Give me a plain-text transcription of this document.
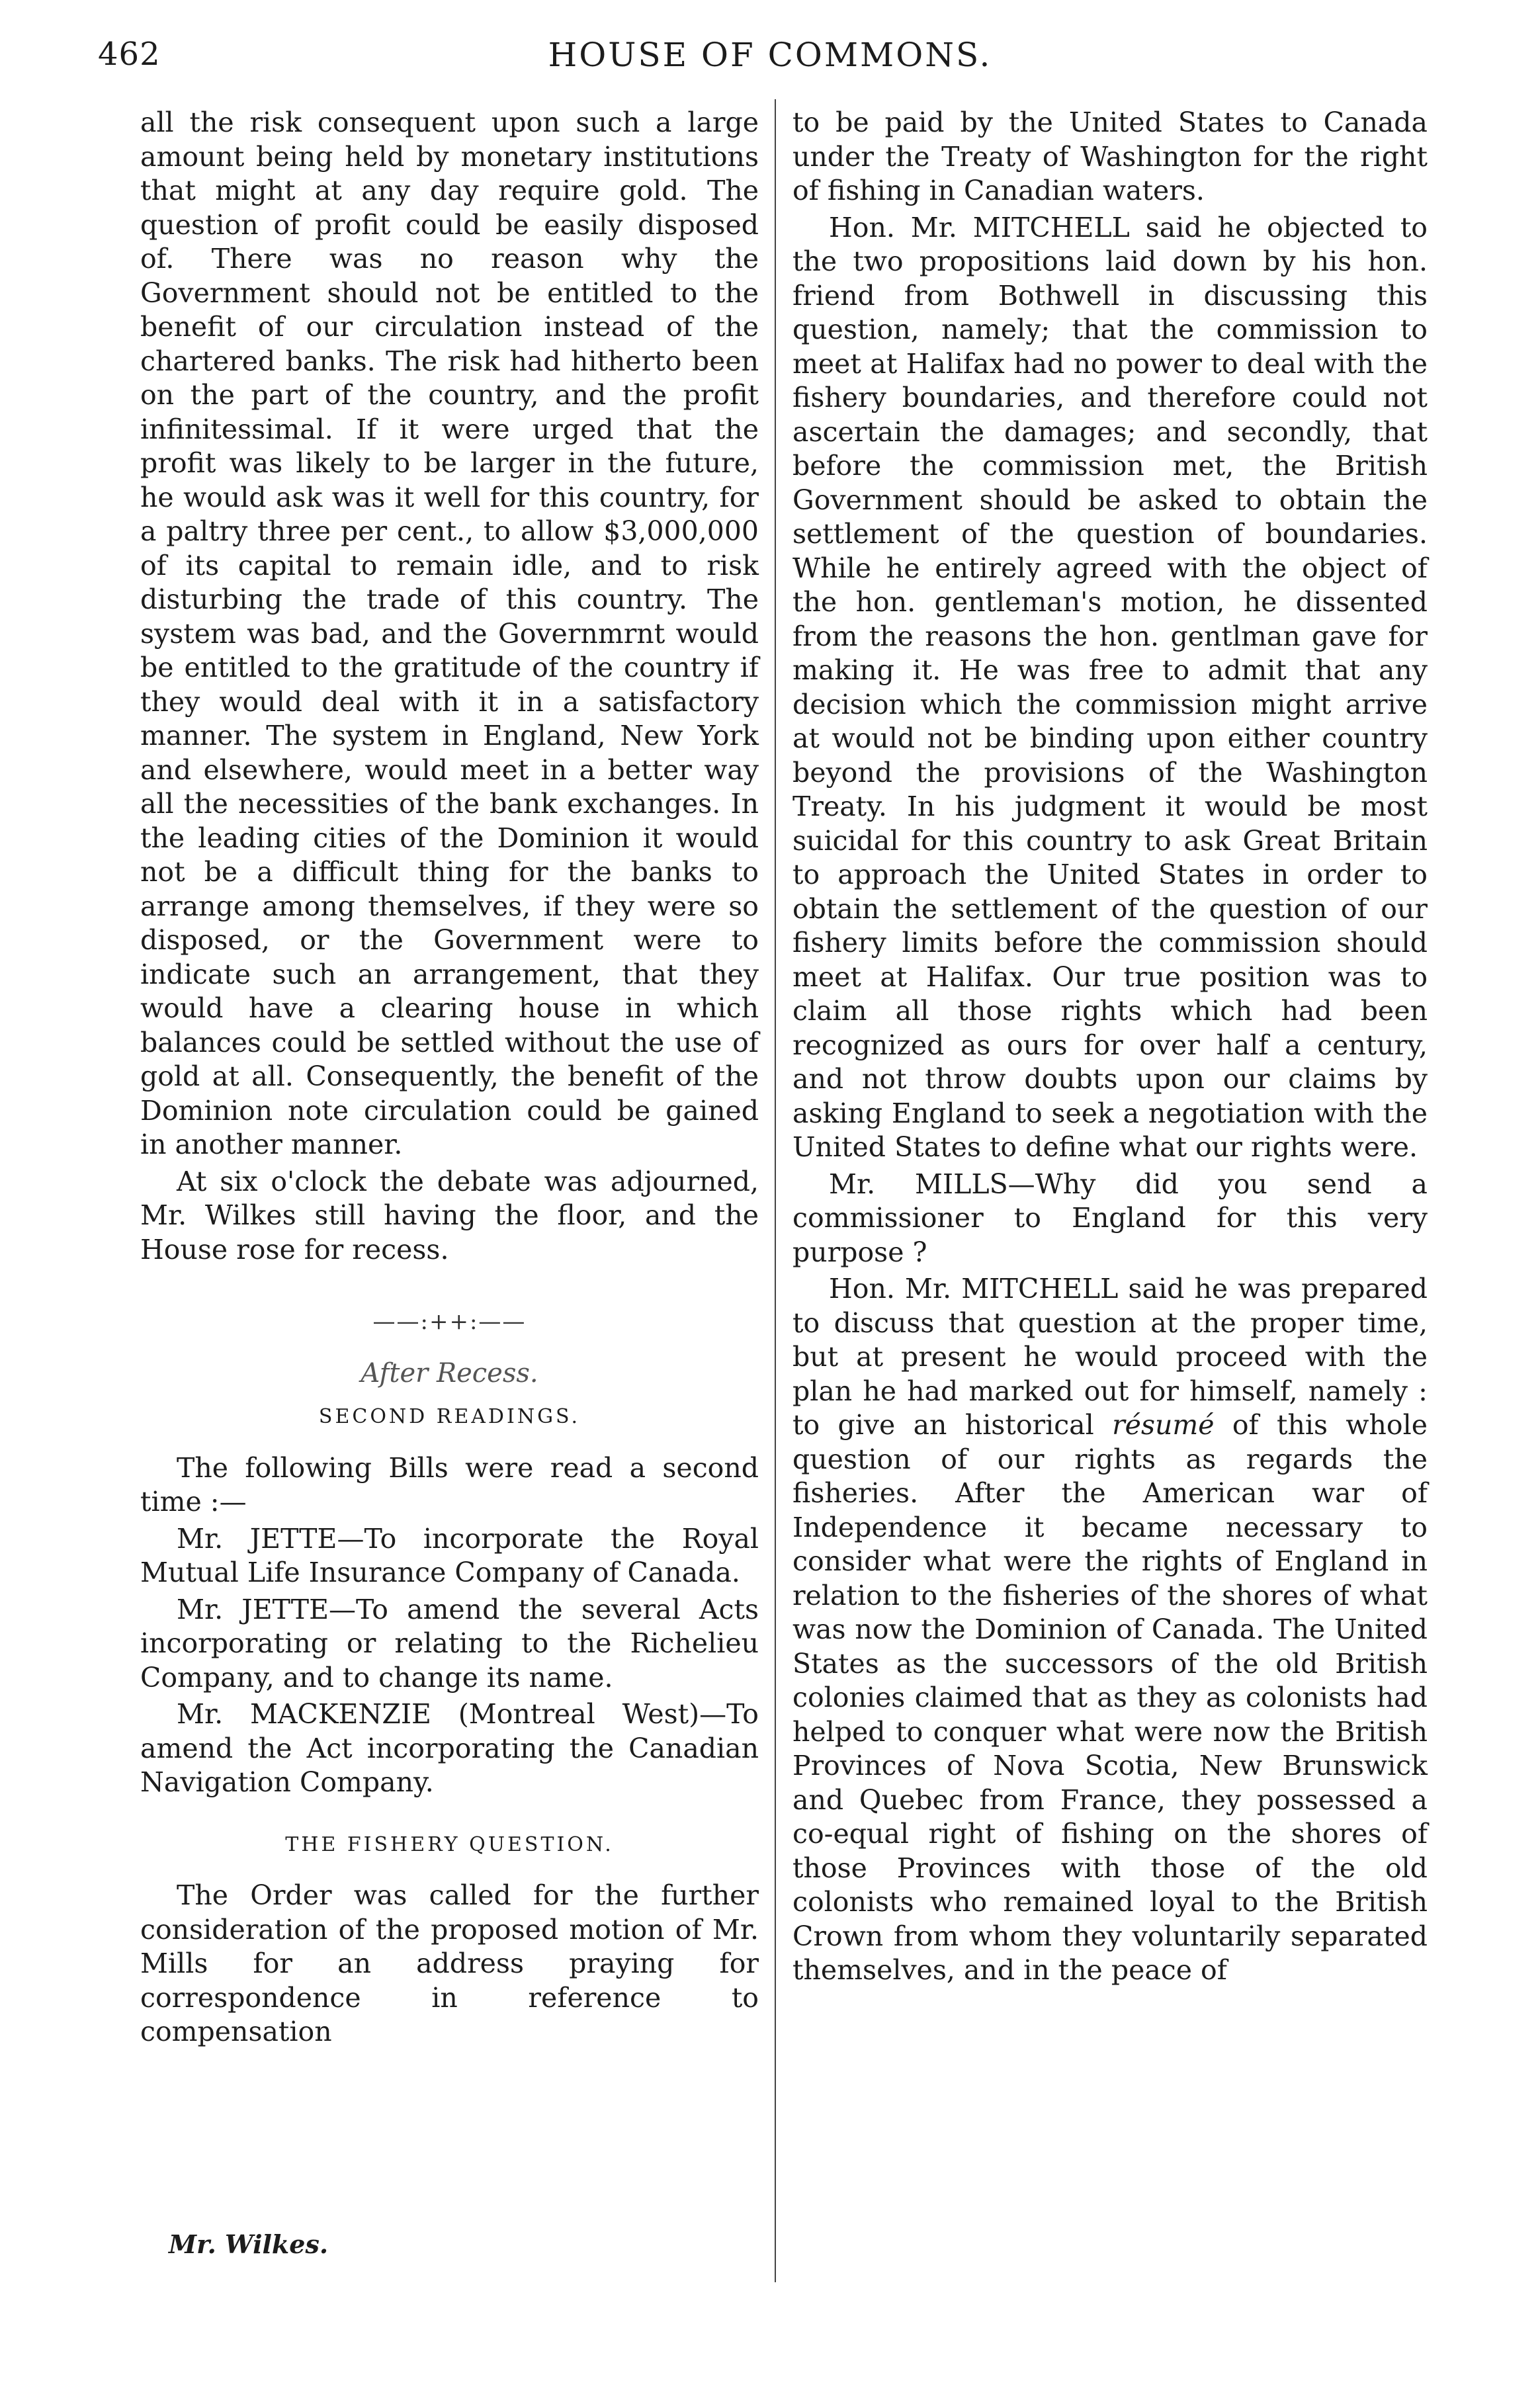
462	HOUSE OF COMMONS.

all the risk consequent upon such a large amount being held by monetary institutions that might at any day require gold. The question of profit could be easily disposed of. There was no reason why the Government should not be entitled to the benefit of our circulation instead of the chartered banks. The risk had hitherto been on the part of the country, and the profit infinitessimal. If it were urged that the profit was likely to be larger in the future, he would ask was it well for this country, for a paltry three per cent., to allow $3,000,000 of its capital to remain idle, and to risk disturbing the trade of this country. The system was bad, and the Governmrnt would be entitled to the gratitude of the country if they would deal with it in a satisfactory manner. The system in England, New York and elsewhere, would meet in a better way all the necessities of the bank exchanges. In the leading cities of the Dominion it would not be a difficult thing for the banks to arrange among themselves, if they were so disposed, or the Government were to indicate such an arrangement, that they would have a clearing house in which balances could be settled without the use of gold at all. Consequently, the benefit of the Dominion note circulation could be gained in another manner.

At six o'clock the debate was adjourned, Mr. Wilkes still having the floor, and the House rose for recess.

——:++:——
After Recess.
SECOND READINGS.

The following Bills were read a second time :—

Mr. JETTE—To incorporate the Royal Mutual Life Insurance Company of Canada.

Mr. JETTE—To amend the several Acts incorporating or relating to the Richelieu Company, and to change its name.

Mr. MACKENZIE (Montreal West)—To amend the Act incorporating the Canadian Navigation Company.

THE FISHERY QUESTION.

The Order was called for the further consideration of the proposed motion of Mr. Mills for an address praying for correspondence in reference to compensation

to be paid by the United States to Canada under the Treaty of Washington for the right of fishing in Canadian waters.

Hon. Mr. MITCHELL said he objected to the two propositions laid down by his hon. friend from Bothwell in discussing this question, namely; that the commission to meet at Halifax had no power to deal with the fishery boundaries, and therefore could not ascertain the damages; and secondly, that before the commission met, the British Government should be asked to obtain the settlement of the question of boundaries. While he entirely agreed with the object of the hon. gentleman's motion, he dissented from the reasons the hon. gentlman gave for making it. He was free to admit that any decision which the commission might arrive at would not be binding upon either country beyond the provisions of the Washington Treaty. In his judgment it would be most suicidal for this country to ask Great Britain to approach the United States in order to obtain the settlement of the question of our fishery limits before the commission should meet at Halifax. Our true position was to claim all those rights which had been recognized as ours for over half a century, and not throw doubts upon our claims by asking England to seek a negotiation with the United States to define what our rights were.

Mr. MILLS—Why did you send a commissioner to England for this very purpose ?

Hon. Mr. MITCHELL said he was prepared to discuss that question at the proper time, but at present he would proceed with the plan he had marked out for himself, namely : to give an historical résumé of this whole question of our rights as regards the fisheries. After the American war of Independence it became necessary to consider what were the rights of England in relation to the fisheries of the shores of what was now the Dominion of Canada. The United States as the successors of the old British colonies claimed that as they as colonists had helped to conquer what were now the British Provinces of Nova Scotia, New Brunswick and Quebec from France, they possessed a co-equal right of fishing on the shores of those Provinces with those of the old colonists who remained loyal to the British Crown from whom they voluntarily separated themselves, and in the peace of

Mr. Wilkes.
